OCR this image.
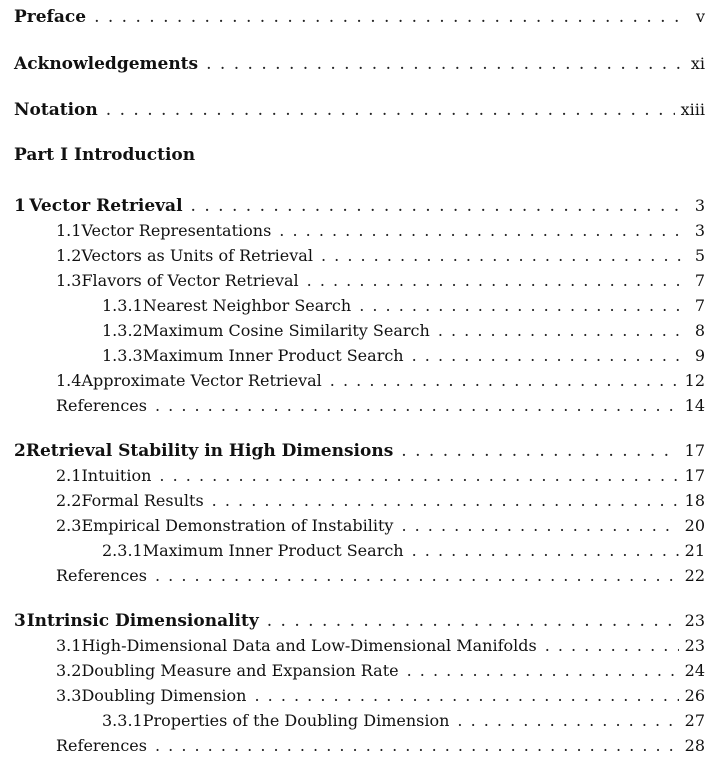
Preface . . .	v
Acknowledgements . . .	xi
Notation . . .	xiii
Part I Introduction
1 Vector Retrieval . . .	3
1.1 Vector Representations . . .	3
1.2 Vectors as Units of Retrieval . . .	5
1.3 Flavors of Vector Retrieval . . .	7
1.3.1 Nearest Neighbor Search . . .	7
1.3.2 Maximum Cosine Similarity Search . . .	8
1.3.3 Maximum Inner Product Search . . .	9
1.4 Approximate Vector Retrieval . . .	12
References . . .	14
2 Retrieval Stability in High Dimensions . . .	17
2.1 Intuition . . .	17
2.2 Formal Results . . .	18
2.3 Empirical Demonstration of Instability . . .	20
2.3.1 Maximum Inner Product Search . . .	21
References . . .	22
3 Intrinsic Dimensionality . . .	23
3.1 High-Dimensional Data and Low-Dimensional Manifolds . . .	23
3.2 Doubling Measure and Expansion Rate . . .	24
3.3 Doubling Dimension . . .	26
3.3.1 Properties of the Doubling Dimension . . .	27
References . . .	28
